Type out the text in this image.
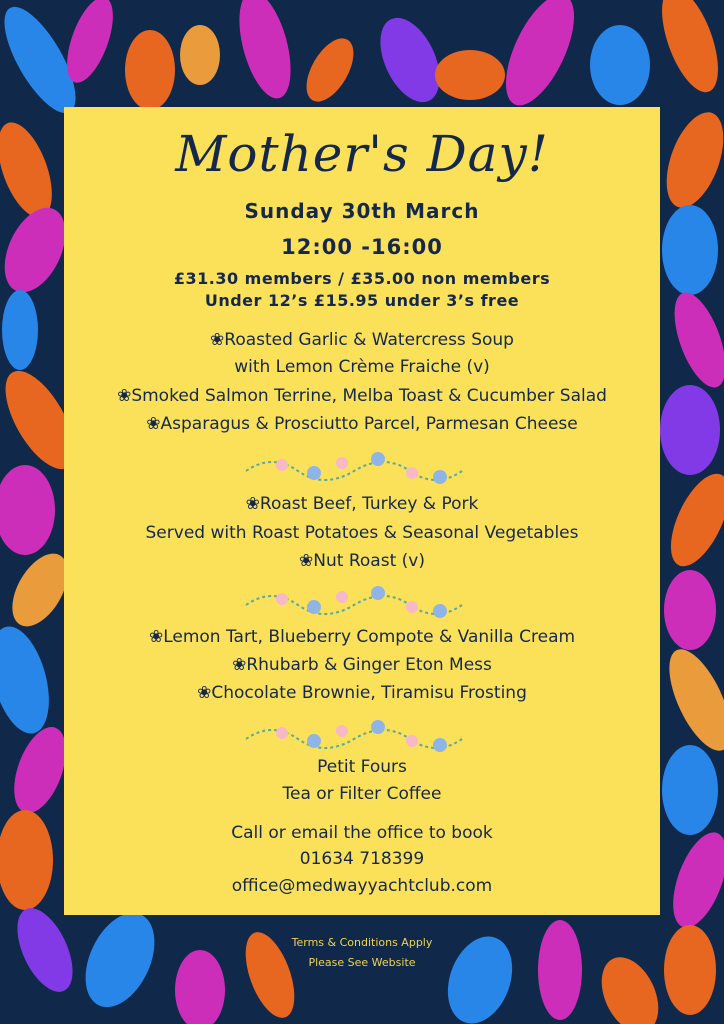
Mother's Day!
Sunday 30th March
12:00 -16:00
£31.30 members / £35.00 non members
Under 12’s £15.95 under 3’s free
❀Roasted Garlic & Watercress Soup
with Lemon Crème Fraiche (v)
❀Smoked Salmon Terrine, Melba Toast & Cucumber Salad
❀Asparagus & Prosciutto Parcel, Parmesan Cheese
❀Roast Beef, Turkey & Pork
Served with Roast Potatoes & Seasonal Vegetables
❀Nut Roast (v)
❀Lemon Tart, Blueberry Compote & Vanilla Cream
❀Rhubarb & Ginger Eton Mess
❀Chocolate Brownie, Tiramisu Frosting
Petit Fours
Tea or Filter Coffee
Call or email the office to book
01634 718399
office@medwayyachtclub.com
Terms & Conditions Apply
Please See Website
